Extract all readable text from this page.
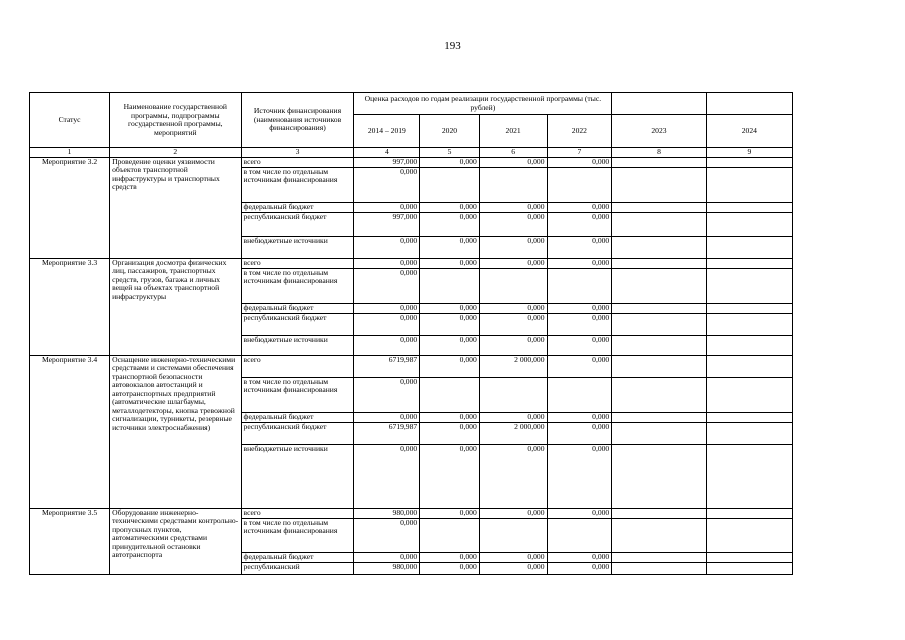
193
Статус	Наименование государственной программы, подпрограммы государственной программы, мероприятий	Источник финансирования (наименования источников финансирования)	Оценка расходов по годам реализации государственной программы (тыс. рублей)					
			2014 – 2019	2020	2021	2022	2023	2024
1	2	3	4	5	6	7	8	9
Мероприятие 3.2	Проведение оценки уязвимости объектов транспортной инфраструктуры и транспортных средств	всего	997,000	0,000	0,000	0,000		
		в том числе по отдельным источникам финансирования	0,000					
		федеральный бюджет	0,000	0,000	0,000	0,000		
		республиканский бюджет	997,000	0,000	0,000	0,000		
		внебюджетные источники	0,000	0,000	0,000	0,000		
Мероприятие 3.3	Организация досмотра физических лиц, пассажиров, транспортных средств, грузов, багажа и личных вещей на объектах транспортной инфраструктуры	всего	0,000	0,000	0,000	0,000		
		в том числе по отдельным источникам финансирования	0,000					
		федеральный бюджет	0,000	0,000	0,000	0,000		
		республиканский бюджет	0,000	0,000	0,000	0,000		
		внебюджетные источники	0,000	0,000	0,000	0,000		
Мероприятие 3.4	Оснащение инженерно-техническими средствами и системами обеспечения транспортной безопасности автовокзалов автостанций и автотранспортных предприятий (автоматические шлагбаумы, металлодетекторы, кнопка тревожной сигнализации, турникеты, резервные источники электроснабжения)	всего	6719,987	0,000	2 000,000	0,000		
		в том числе по отдельным источникам финансирования	0,000					
		федеральный бюджет	0,000	0,000	0,000	0,000		
		республиканский бюджет	6719,987	0,000	2 000,000	0,000		
		внебюджетные источники	0,000	0,000	0,000	0,000		
Мероприятие 3.5	Оборудование инженерно-техническими средствами контрольно-пропускных пунктов, автоматическими средствами принудительной остановки автотранспорта	всего	980,000	0,000	0,000	0,000		
		в том числе по отдельным источникам финансирования	0,000					
		федеральный бюджет	0,000	0,000	0,000	0,000		
		республиканский	980,000	0,000	0,000	0,000		
